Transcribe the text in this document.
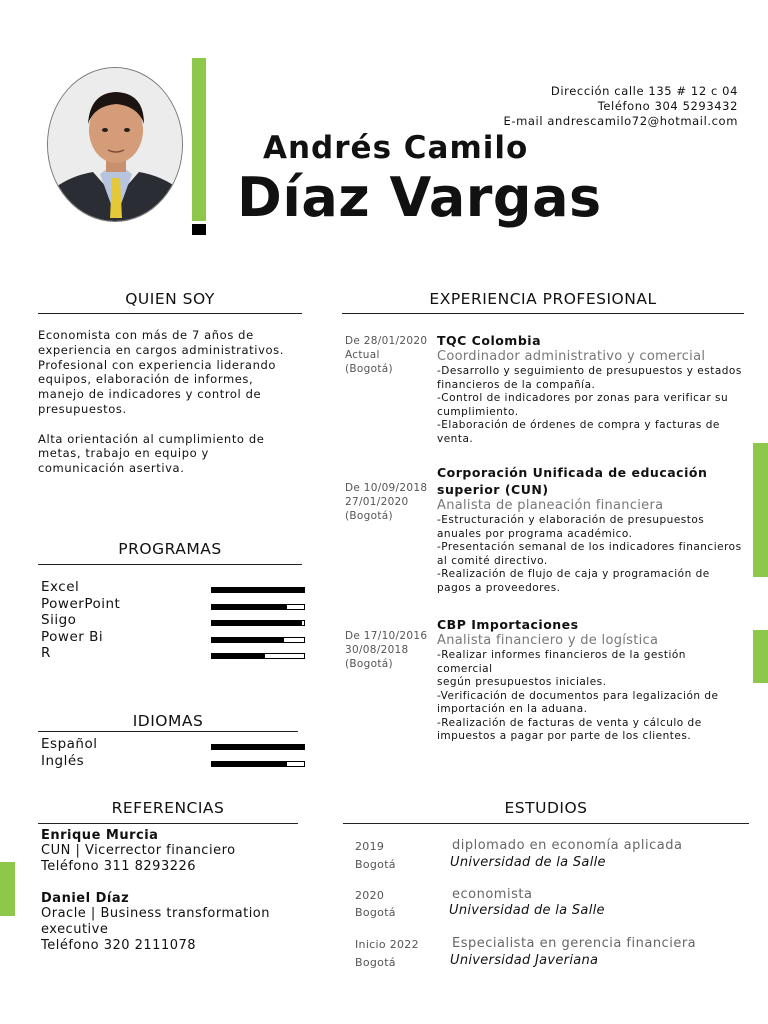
Dirección calle 135 # 12 c 04
Teléfono 304 5293432
E-mail andrescamilo72@hotmail.com
Andrés Camilo
Díaz Vargas
QUIEN SOY
Economista con más de 7 años de
experiencia en cargos administrativos.
Profesional con experiencia liderando
equipos, elaboración de informes,
manejo de indicadores y control de
presupuestos.
Alta orientación al cumplimiento de
metas, trabajo en equipo y
comunicación asertiva.
PROGRAMAS
Excel
PowerPoint
Siigo
Power Bi
R
IDIOMAS
Español
Inglés
REFERENCIAS
Enrique Murcia
CUN | Vicerrector financiero
Teléfono 311 8293226
Daniel Díaz
Oracle | Business transformation
executive
Teléfono 320 2111078
EXPERIENCIA PROFESIONAL
De 28/01/2020
Actual
(Bogotá)
TQC Colombia
Coordinador administrativo y comercial
-Desarrollo y seguimiento de presupuestos y estados
financieros de la compañía.
-Control de indicadores por zonas para verificar su
cumplimiento.
-Elaboración de órdenes de compra y facturas de
venta.
De 10/09/2018
27/01/2020
(Bogotá)
Corporación Unificada de educación
superior (CUN)
Analista de planeación financiera
-Estructuración y elaboración de presupuestos
anuales por programa académico.
-Presentación semanal de los indicadores financieros
al comité directivo.
-Realización de flujo de caja y programación de
pagos a proveedores.
De 17/10/2016
30/08/2018
(Bogotá)
CBP Importaciones
Analista financiero y de logística
-Realizar informes financieros de la gestión comercial
según presupuestos iniciales.
-Verificación de documentos para legalización de
importación en la aduana.
-Realización de facturas de venta y cálculo de
impuestos a pagar por parte de los clientes.
ESTUDIOS
2019
Bogotá
diplomado en economía aplicada
Universidad de la Salle
2020
Bogotá
economista
Universidad de la Salle
Inicio 2022
Bogotá
Especialista en gerencia financiera
Universidad Javeriana
